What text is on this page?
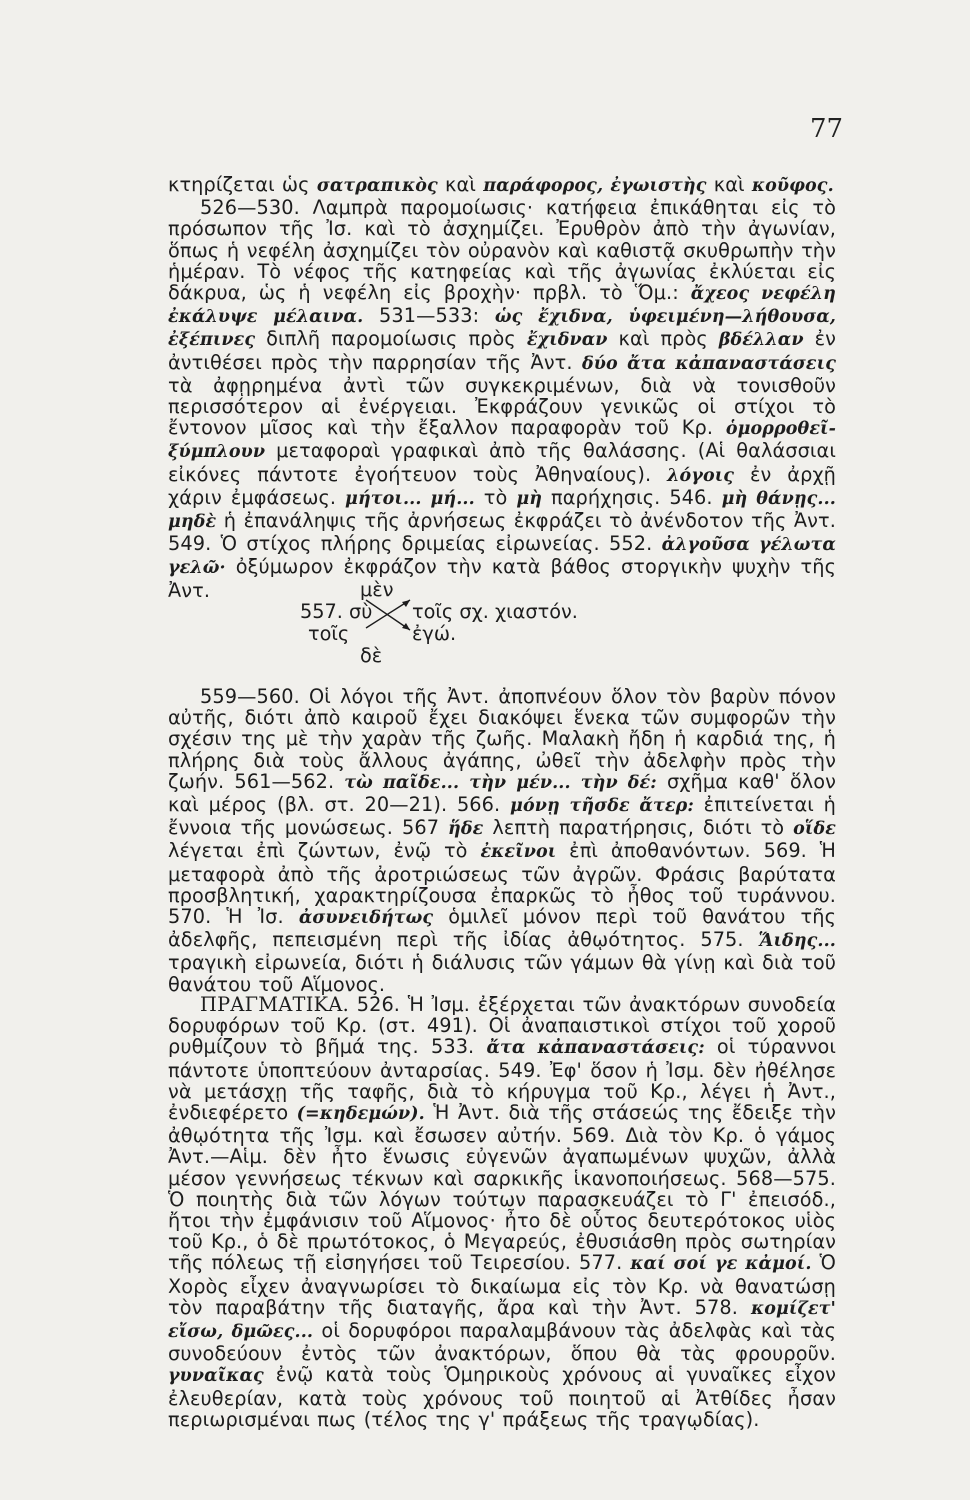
77

κτηρίζεται ὡς σατραπικὸς καὶ παράφορος, ἐγωιστὴς καὶ κοῦφος.

526—530. Λαμπρὰ παρομοίωσις· κατήφεια ἐπικάθηται εἰς τὸ πρόσωπον τῆς Ἰσ. καὶ τὸ ἀσχημίζει. Ἐρυθρὸν ἀπὸ τὴν ἀγωνίαν, ὅπως ἡ νεφέλη ἀσχημίζει τὸν οὐρανὸν καὶ καθιστᾷ σκυθρωπὴν τὴν ἡμέραν. Τὸ νέφος τῆς κατηφείας καὶ τῆς ἀγωνίας ἐκλύεται εἰς δάκρυα, ὡς ἡ νεφέλη εἰς βροχὴν· πρβλ. τὸ Ὅμ.: ἄχεος νεφέλη ἐκάλυψε μέλαινα. 531—533: ὡς ἔχιδνα, ὑφειμένη—λήθουσα, ἐξέπινες διπλῆ παρομοίωσις πρὸς ἔχιδναν καὶ πρὸς βδέλλαν ἐν ἀντιθέσει πρὸς τὴν παρρησίαν τῆς Ἀντ. δύο ἄτα κἀπαναστάσεις τὰ ἀφῃρημένα ἀντὶ τῶν συγκεκριμένων, διὰ νὰ τονισθοῦν περισσότερον αἱ ἐνέργειαι. Ἐκφράζουν γενικῶς οἱ στίχοι τὸ ἔντονον μῖσος καὶ τὴν ἔξαλλον παραφορὰν τοῦ Κρ. ὁμορροθεῖ-ξύμπλουν μεταφοραὶ γραφικαὶ ἀπὸ τῆς θαλάσσης. (Αἱ θαλάσσιαι εἰκόνες πάντοτε ἐγοήτευον τοὺς Ἀθηναίους). λόγοις ἐν ἀρχῇ χάριν ἐμφάσεως. μήτοι... μή... τὸ μὴ παρήχησις. 546. μὴ θάνῃς... μηδὲ ἡ ἐπανάληψις τῆς ἀρνήσεως ἐκφράζει τὸ ἀνένδοτον τῆς Ἀντ. 549. Ὁ στίχος πλήρης δριμείας εἰρωνείας. 552. ἀλγοῦσα γέλωτα γελῶ· ὀξύμωρον ἐκφράζον τὴν κατὰ βάθος στοργικὴν ψυχὴν τῆς Ἀντ.	μὲν
557. σὺ
τοῖς
τοῖς σχ. χιαστόν.
ἐγώ.
δὲ

559—560. Οἱ λόγοι τῆς Ἀντ. ἀποπνέουν ὅλον τὸν βαρὺν πόνον αὐτῆς, διότι ἀπὸ καιροῦ ἔχει διακόψει ἕνεκα τῶν συμφορῶν τὴν σχέσιν της μὲ τὴν χαρὰν τῆς ζωῆς. Μαλακὴ ἤδη ἡ καρδιά της, ἡ πλήρης διὰ τοὺς ἄλλους ἀγάπης, ὠθεῖ τὴν ἀδελφὴν πρὸς τὴν ζωήν. 561—562. τὼ παῖδε... τὴν μέν... τὴν δέ: σχῆμα καθ' ὅλον καὶ μέρος (βλ. στ. 20—21). 566. μόνῃ τῆσδε ἄτερ: ἐπιτείνεται ἡ ἔννοια τῆς μονώσεως. 567 ἥδε λεπτὴ παρατήρησις, διότι τὸ οἵδε λέγεται ἐπὶ ζώντων, ἐνῷ τὸ ἐκεῖνοι ἐπὶ ἀποθανόντων. 569. Ἡ μεταφορὰ ἀπὸ τῆς ἀροτριώσεως τῶν ἀγρῶν. Φράσις βαρύτατα προσβλητική, χαρακτηρίζουσα ἐπαρκῶς τὸ ἦθος τοῦ τυράννου. 570. Ἡ Ἰσ. ἀσυνειδήτως ὁμιλεῖ μόνον περὶ τοῦ θανάτου τῆς ἀδελφῆς, πεπεισμένη περὶ τῆς ἰδίας ἀθῳότητος. 575. Ἅιδης... τραγικὴ εἰρωνεία, διότι ἡ διάλυσις τῶν γάμων θὰ γίνῃ καὶ διὰ τοῦ θανάτου τοῦ Αἵμονος.

ΠΡΑΓΜΑΤΙΚΑ. 526. Ἡ Ἰσμ. ἐξέρχεται τῶν ἀνακτόρων συνοδεία δορυφόρων τοῦ Κρ. (στ. 491). Οἱ ἀναπαιστικοὶ στίχοι τοῦ χοροῦ ρυθμίζουν τὸ βῆμά της. 533. ἄτα κἀπαναστάσεις: οἱ τύραννοι πάντοτε ὑποπτεύουν ἀνταρσίας. 549. Ἐφ' ὅσον ἡ Ἰσμ. δὲν ἠθέλησε νὰ μετάσχῃ τῆς ταφῆς, διὰ τὸ κήρυγμα τοῦ Κρ., λέγει ἡ Ἀντ., ἐνδιεφέρετο (=κηδεμών). Ἡ Ἀντ. διὰ τῆς στάσεώς της ἔδειξε τὴν ἀθῳότητα τῆς Ἰσμ. καὶ ἔσωσεν αὐτήν. 569. Διὰ τὸν Κρ. ὁ γάμος Ἀντ.—Αἱμ. δὲν ἦτο ἕνωσις εὐγενῶν ἀγαπωμένων ψυχῶν, ἀλλὰ μέσον γεννήσεως τέκνων καὶ σαρκικῆς ἱκανοποιήσεως. 568—575. Ὁ ποιητὴς διὰ τῶν λόγων τούτων παρασκευάζει τὸ Γ' ἐπεισόδ., ἤτοι τὴν ἐμφάνισιν τοῦ Αἵμονος· ἦτο δὲ οὗτος δευτερότοκος υἱὸς τοῦ Κρ., ὁ δὲ πρωτότοκος, ὁ Μεγαρεύς, ἐθυσιάσθη πρὸς σωτηρίαν τῆς πόλεως τῇ εἰσηγήσει τοῦ Τειρεσίου. 577. καί σοί γε κἀμοί. Ὁ Χορὸς εἶχεν ἀναγνωρίσει τὸ δικαίωμα εἰς τὸν Κρ. νὰ θανατώσῃ τὸν παραβάτην τῆς διαταγῆς, ἄρα καὶ τὴν Ἀντ. 578. κομίζετ' εἴσω, δμῶες... οἱ δορυφόροι παραλαμβάνουν τὰς ἀδελφὰς καὶ τὰς συνοδεύουν ἐντὸς τῶν ἀνακτόρων, ὅπου θὰ τὰς φρουροῦν. γυναῖκας ἐνῷ κατὰ τοὺς Ὁμηρικοὺς χρόνους αἱ γυναῖκες εἶχον ἐλευθερίαν, κατὰ τοὺς χρόνους τοῦ ποιητοῦ αἱ Ἀτθίδες ἦσαν περιωρισμέναι πως (τέλος της γ' πράξεως τῆς τραγῳδίας).
